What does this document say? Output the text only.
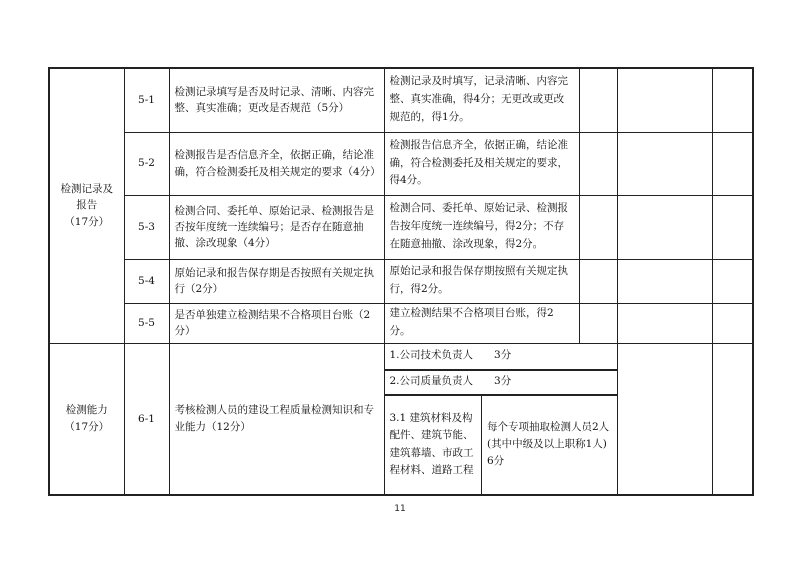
检测记录及
报告
（17分）
	5-1	检测记录填写是否及时记录、清晰、内容完整、真实准确；更改是否规范（5分）	检测记录及时填写，记录清晰、内容完整、真实准确，得4分；无更改或更改规范的，得1分。			
5-2	检测报告是否信息齐全，依据正确，结论准确，符合检测委托及相关规定的要求（4分）	检测报告信息齐全，依据正确，结论准确，符合检测委托及相关规定的要求，得4分。			
5-3	检测合同、委托单、原始记录、检测报告是否按年度统一连续编号；是否存在随意抽撤、涂改现象（4分）	检测合同、委托单、原始记录、检测报告按年度统一连续编号，得2分；不存在随意抽撤、涂改现象，得2分。			
5-4	原始记录和报告保存期是否按照有关规定执行（2分）	原始记录和报告保存期按照有关规定执行，得2分。			
5-5	是否单独建立检测结果不合格项目台账（2分）	建立检测结果不合格项目台账，得2分。			

检测能力
（17分）
	6-1	考核检测人员的建设工程质量检测知识和专业能力（12分）	
1.公司技术负责人　　3分
2.公司质量负责人　　3分
3.1 建筑材料及构配件、建筑节能、建筑幕墙、市政工程材料、道路工程	每个专项抽取检测人员2人(其中中级及以上职称1人)　　6分

11
